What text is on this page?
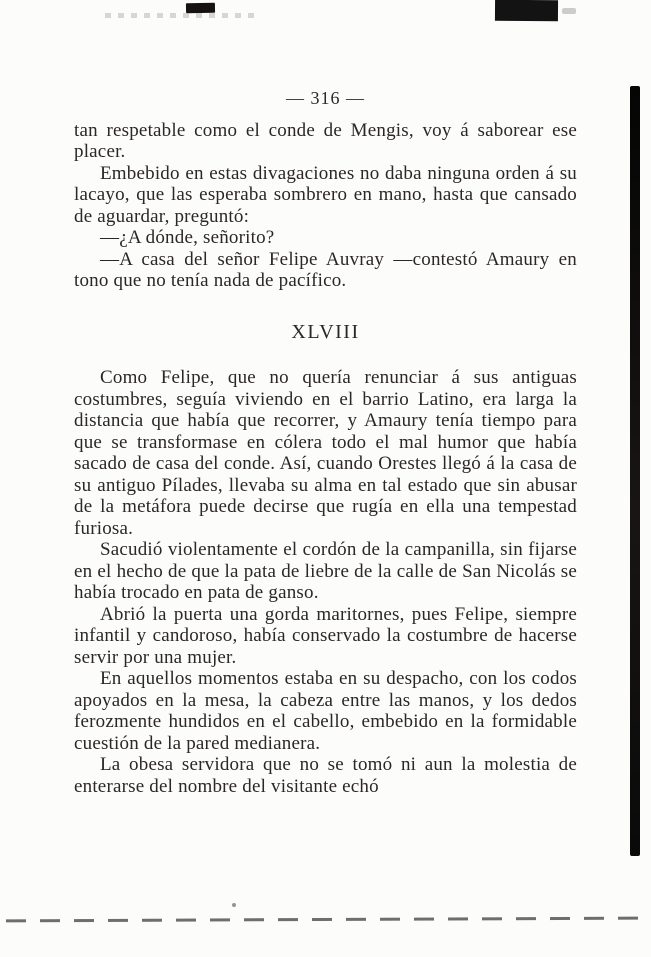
— 316 —

tan respetable como el conde de Mengis, voy á saborear ese placer.

Embebido en estas divagaciones no daba ninguna orden á su lacayo, que las esperaba sombrero en mano, hasta que cansado de aguardar, preguntó:

—¿A dónde, señorito?

—A casa del señor Felipe Auvray —contestó Amaury en tono que no tenía nada de pacífico.

XLVIII

Como Felipe, que no quería renunciar á sus antiguas costumbres, seguía viviendo en el barrio Latino, era larga la distancia que había que recorrer, y Amaury tenía tiempo para que se transformase en cólera todo el mal humor que había sacado de casa del conde. Así, cuando Orestes llegó á la casa de su antiguo Pílades, llevaba su alma en tal estado que sin abusar de la metáfora puede decirse que rugía en ella una tempestad furiosa.

Sacudió violentamente el cordón de la campanilla, sin fijarse en el hecho de que la pata de liebre de la calle de San Nicolás se había trocado en pata de ganso.

Abrió la puerta una gorda maritornes, pues Felipe, siempre infantil y candoroso, había conservado la costumbre de hacerse servir por una mujer.

En aquellos momentos estaba en su despacho, con los codos apoyados en la mesa, la cabeza entre las manos, y los dedos ferozmente hundidos en el cabello, embebido en la formidable cuestión de la pared medianera.

La obesa servidora que no se tomó ni aun la molestia de enterarse del nombre del visitante echó
